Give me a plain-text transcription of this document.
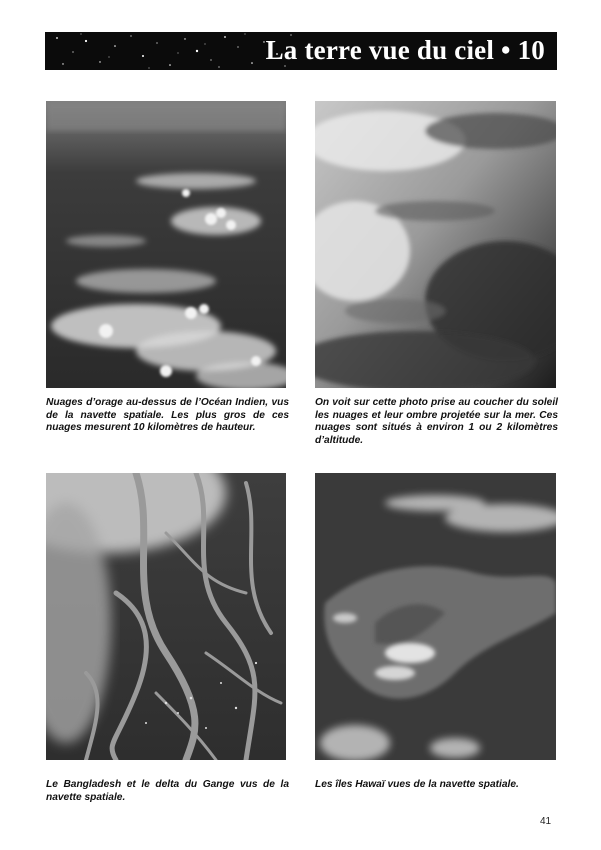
La terre vue du ciel • 10
Nuages d’orage au-dessus de l’Océan Indien, vus de la navette spatiale. Les plus gros de ces nuages mesurent 10 kilomètres de hauteur.
On voit sur cette photo prise au coucher du soleil les nuages et leur ombre projetée sur la mer. Ces nuages sont situés à environ 1 ou 2 kilomètres d’altitude.
Le Bangladesh et le delta du Gange vus de la navette spatiale.
Les îles Hawaï vues de la navette spatiale.
41
